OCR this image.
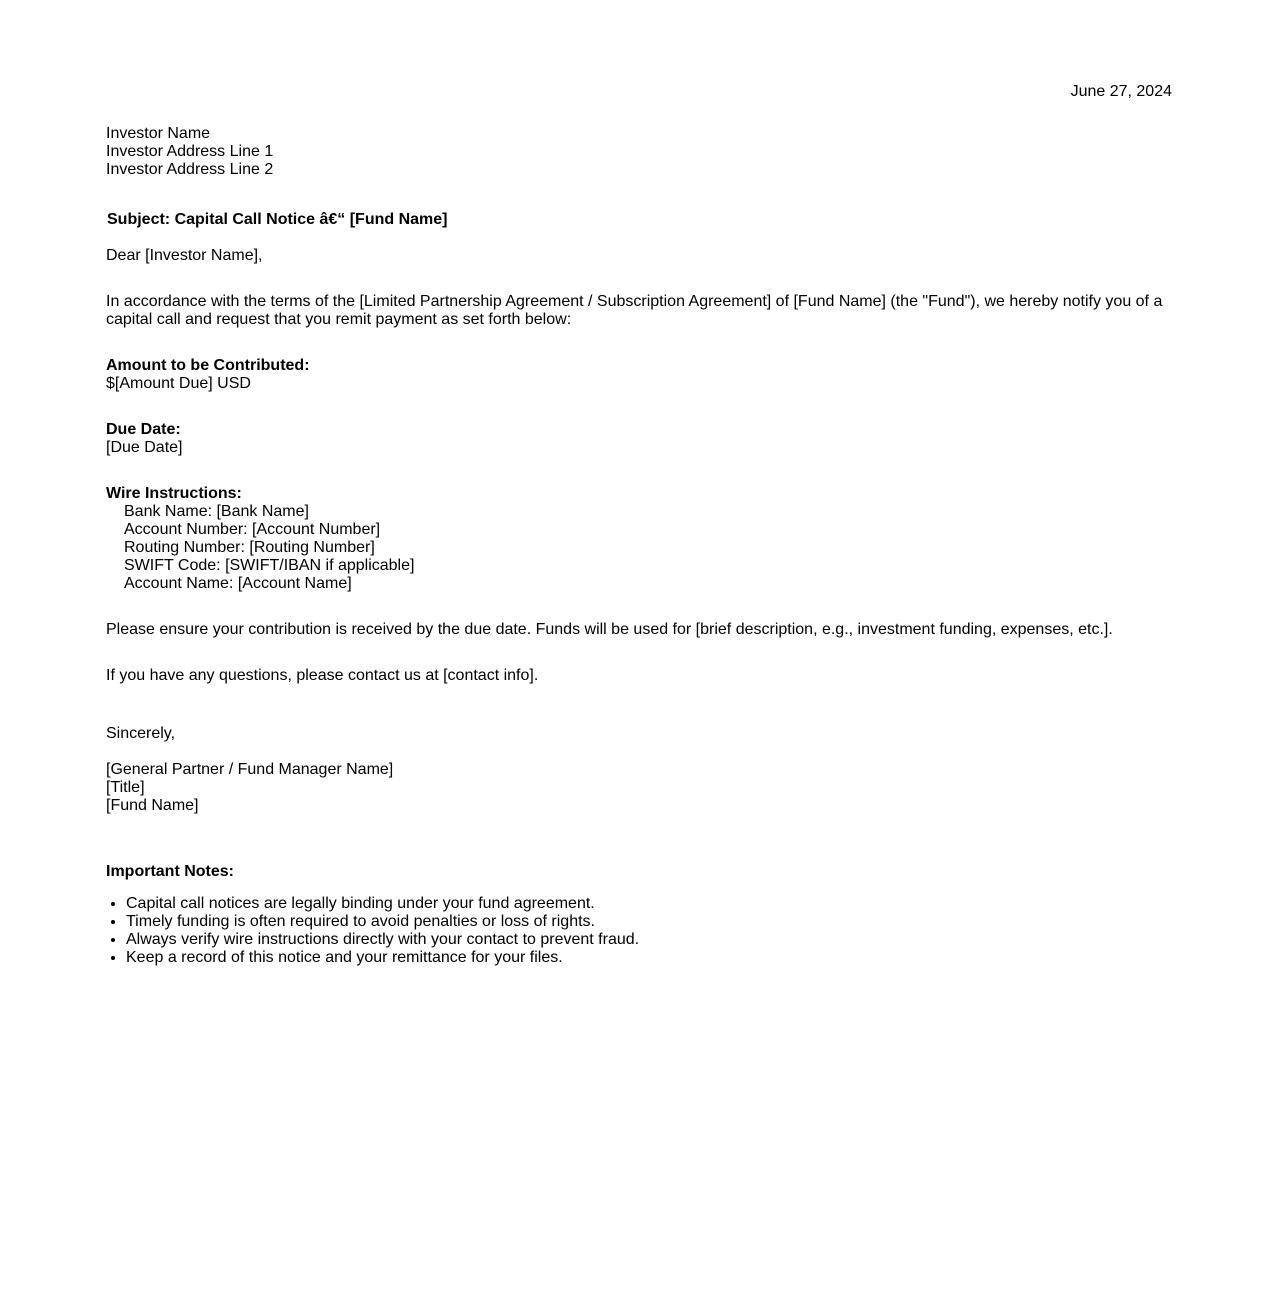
June 27, 2024
Investor Name
Investor Address Line 1
Investor Address Line 2
Subject: Capital Call Notice â€“ [Fund Name]
Dear [Investor Name],
In accordance with the terms of the [Limited Partnership Agreement / Subscription Agreement] of [Fund Name] (the "Fund"), we hereby notify you of a capital call and request that you remit payment as set forth below:
Amount to be Contributed:
$[Amount Due] USD
Due Date:
[Due Date]
Wire Instructions:
Bank Name: [Bank Name]
Account Number: [Account Number]
Routing Number: [Routing Number]
SWIFT Code: [SWIFT/IBAN if applicable]
Account Name: [Account Name]
Please ensure your contribution is received by the due date. Funds will be used for [brief description, e.g., investment funding, expenses, etc.].
If you have any questions, please contact us at [contact info].
Sincerely,
[General Partner / Fund Manager Name]
[Title]
[Fund Name]
Important Notes:
• Capital call notices are legally binding under your fund agreement.
• Timely funding is often required to avoid penalties or loss of rights.
• Always verify wire instructions directly with your contact to prevent fraud.
• Keep a record of this notice and your remittance for your files.
